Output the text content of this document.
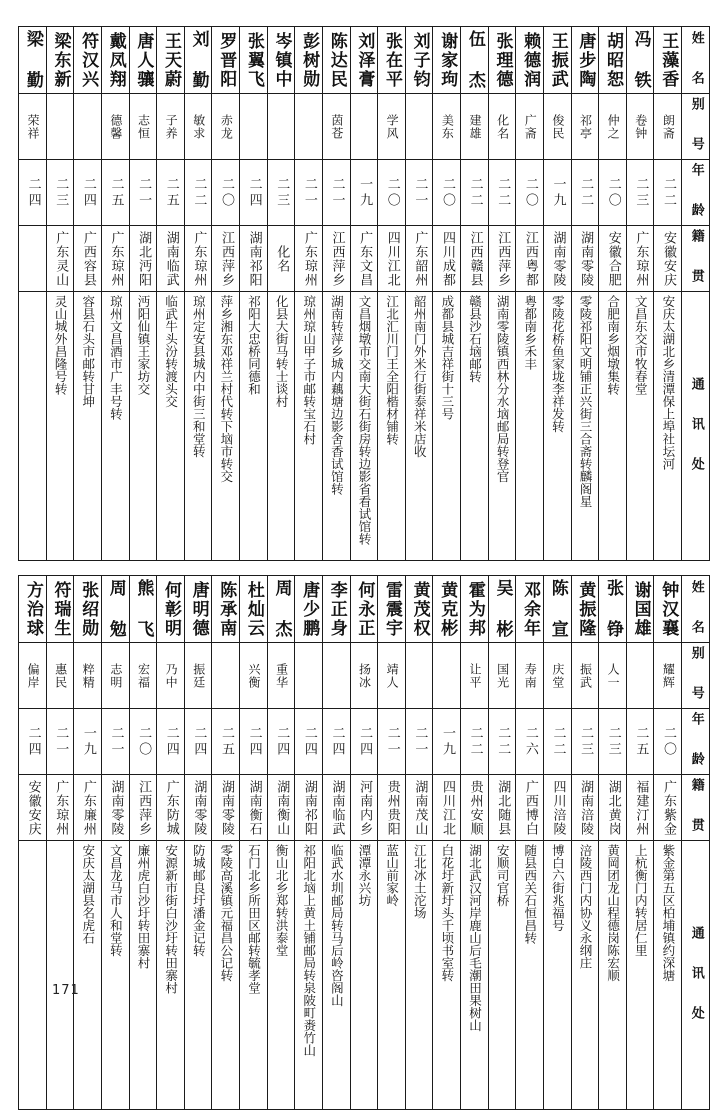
梁 勤	梁东新	符汉兴	戴凤翔	唐人骧	王天蔚	刘 勤	罗晋阳	张翼飞	岑镇中	彭树勋	陈达民	刘泽膏	张在平	刘子钧	谢家玽	伍 杰	张理德	赖德润	王振武	唐步陶	胡昭恕	冯 铁	王藻香	姓 名

荣祥			德馨	志恒	子养	敏求	赤龙				茵苍		学风		美东	建雄	化名	广斋	俊民	祁亭	仲之	卷钟	朗斋	别 号

二四	二三	二四	二五	二一	二五	二二	二〇	二四	二三	二一	二一	一九	二〇	二一	二〇	二二	二二	二〇	一九	二二	二〇	二三	二二	年 龄

	广东灵山	广西容县	广东琼州	湖北沔阳	湖南临武	广东琼州	江西萍乡	湖南祁阳	化名	广东琼州	江西萍乡	广东文昌	四川江北	广东韶州	四川成都	江西赣县	江西萍乡	江西粤都	湖南零陵	湖南零陵	安徽合肥	广东琼州	安徽安庆	籍 贯

	灵山城外昌隆号转	容县石头市邮转甘坤	琼州文昌酒市广丰号转	沔阳仙镇王家坊交	临武牛头汾转渡头交	琼州定安县城内中街三和堂转	萍乡湘东邓祥兰村代转下垴市转交	祁阳大忠桥同德和	化县大街马转士谈村	琼州琼山甲子市邮转宝石村	湖南转萍乡城内藕塘边影舍香试馆转	文昌烟墩市交南大街石街房转边影省看试馆转	江北汇川门王全阳楷材铺转	韶州南门外米行街泰祥米店收	成都县城吉祥街十三号	赣县沙石垴邮转	湖南零陵镇西林分水垴邮局转登官	粤都南乡禾丰	零陵花桥鱼家垅李祥发转	零陵祁阳文明铺正兴街三合斋转麟阁星	合肥南乡烟墩集转	文昌东交市牧春堂	安庆太湖北乡清潭保上埠社坛河	通 讯 处
方治球	符瑞生	张绍勋	周 勉	熊 飞	何彰明	唐明德	陈承南	杜灿云	周 杰	唐少鹏	李正身	何永正	雷震宇	黄茂权	黄克彬	霍为邦	吴 彬	邓余年	陈 宣	黄振隆	张 铮	谢国雄	钟汉襄	姓 名

偏岸	惠民	粹精	志明	宏福	乃中	振廷		兴衡	重华			扬冰	靖人			让平	国光	寿南	庆堂	振武	人一		耀辉	别 号

二四	二一	一九	二一	二〇	二四	二四	二五	二四	二四	二四	二四	二四	二一	二一	一九	二二	二二	二六	二二	二三	二三	二五	二〇	年 龄

安徽安庆	广东琼州	广东廉州	湖南零陵	江西萍乡	广东防城	湖南零陵	湖南零陵	湖南衡石	湖南衡山	湖南祁阳	湖南临武	河南内乡	贵州贵阳	湖南茂山	四川江北	贵州安顺	湖北随县	广西博白	四川涪陵	湖南涪陵	湖北黄岗	福建汀州	广东紫金	籍 贯

		安庆太湖县名虎石	文昌龙马市人和堂转	廉州虎白沙圩转田寨村	安源新市街白沙圩转田寨村	防城邮良圩潘金记转	零陵高溪镇元福昌公记转	石门北乡所田区邮转毓孝堂	衡山北乡郑转洪泰堂	祁阳北垴上黄土铺邮局转泉陂町赉竹山	临武水圳邮局转马后岭咨阁山	潭潭永兴坊	蓝山前家岭	江北冰土沱场	白花圩新圩头千顷书室转	湖北武汉河岸鹿山后毛潮田果树山	安顺司官桥	随县西关石恒昌转	博白六街兆福号	涪陵西门内协义永纲庄	黄岡团龙山程德岗陈宏顺	上杭衡门内转居仁里	紫金第五区柏埔镇约深塘	通 讯 处
171
